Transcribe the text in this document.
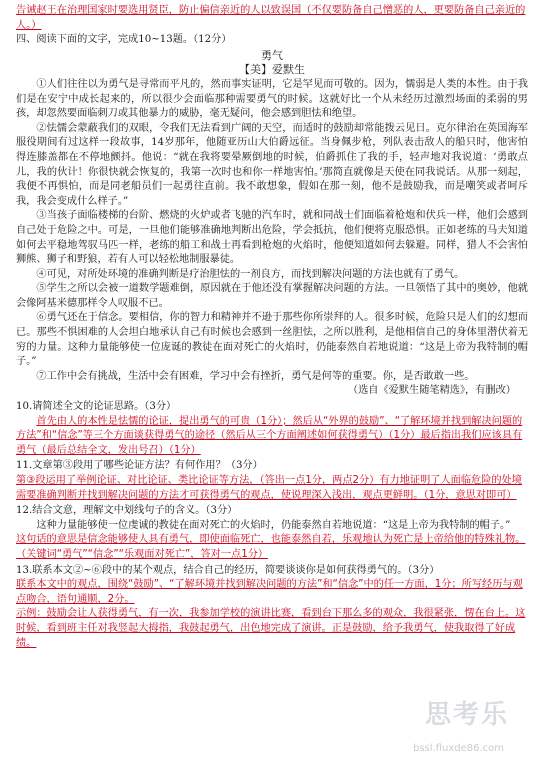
告诫赵王在治理国家时要选用贤臣，防止偏信亲近的人以致误国（不仅要防备自己憎恶的人，更要防备自己亲近的人。）

四、阅读下面的文字，完成10~13题。（12分）

勇气

【美】爱默生

①人们往往以为勇气是寻常而平凡的，然而事实证明，它是罕见而可敬的。因为，懦弱是人类的本性。由于我们是在安宁中成长起来的，所以很少会面临那种需要勇气的时候。这就好比一个从未经历过激烈场面的柔弱的男孩，却忽然要面临刺刀或其他暴力的威胁，毫无疑问，他会感到胆怯和绝望。

②怯懦会蒙蔽我们的双眼，令我们无法看到广阔的天空，而适时的鼓励却常能拨云见日。克尔律治在英国海军服役期间有过这样一段故事，14岁那年，他随亚历山大伯爵远征。当身佩步枪，列队表击敌人的船只时，他害怕得连膝盖都在不停地颤抖。他说：“就在我将要晕厥倒地的时候，伯爵抓住了我的手，轻声地对我说道：‘勇敢点儿，我的伙计！你很快就会恢复的，我第一次时也和你一样地害怕。’那简直就像是天使在同我说话。从那一刻起，我便不再惧怕，而是同老船员们一起勇往直前。我不敢想象，假如在那一刻，他不是鼓励我，而是嘲笑或者呵斥我，我会变成什么样子。”

③当孩子面临楼梯的台阶、燃烧的火炉或者飞驰的汽车时，就和同战士们面临着枪炮和伏兵一样，他们会感到自己处于危险之中。可是，一旦他们能够准确地判断出危险，学会抵抗，他们便将克服恐惧。正如老练的马夫知道如何去平稳地驾驭马匹一样，老练的船工和战士再看到枪炮的火焰时，他便知道如何去躲避。同样，猎人不会害怕狮熊、狮子和野狼，若有人可以轻松地制服暴徒。

④可见，对所处环境的准确判断是疗治胆怯的一剂良方，而找到解决问题的方法也就有了勇气。

⑤学生之所以会被一道数学题难倒，原因就在于他还没有掌握解决问题的方法。一旦领悟了其中的奥妙，他就会像阿基米德那样令人叹服不已。

⑥勇气还在于信念。要相信，你的智力和精神并不逊于那些你所崇拜的人。很多时候，危险只是人们的幻想而已。那些不惧困难的人会坦白地承认自己有时候也会感到一丝胆怯，之所以胜利，是他相信自己的身体里潜伏着无穷的力量。这种力量能够使一位庞诞的教徒在面对死亡的火焰时，仍能泰然自若地说道：“这是上帝为我特制的帽子。”

⑦工作中会有挑战，生活中会有困难，学习中会有挫折，勇气是何等的重要。你，是否敢敢一些。

（选自《爱默生随笔精选》，有删改）

10.请简述全文的论证思路。（3分）

首先由人的本性是怯懦的论证，提出勇气的可贵（1分）；然后从“外界的鼓励”、“了解环境并找到解决问题的方法”和“信念”等三个方面谈获得勇气的途径（然后从三个方面阐述如何获得勇气）（1分）最后指出我们应该具有勇气（最后总结全文，发出号召）（1分）

11.文章第③段用了哪些论证方法？有何作用？（3分）

第③段运用了举例论证、对比论证、类比论证等方法，（答出一点1分，两点2分）有力地证明了人面临危险的处境需要准确判断并找到解决问题的方法才可获得勇气的观点，使说理深入浅出，观点更鲜明。（1分，意思对即可）

12.结合文意，理解文中划线句子的含义。（3分）

这种力量能够使一位虔诚的教徒在面对死亡的火焰时，仍能泰然自若地说道：“这是上帝为我特制的帽子。”

这句话的意思是信念能够使人具有勇气，即使面临死亡，也能泰然自若，乐观地认为死亡是上帝给他的特殊礼物。（关键词“勇气”“信念”“乐观面对死亡”，答对一点1分）

13.联系本文②~⑥段中的某个观点，结合自己的经历，简要谈谈你是如何获得勇气的。（3分）

联系本文中的观点，围绕“鼓励”、“了解环境并找到解决问题的方法”和“信念”中的任一方面，1分；所写经历与观点吻合，语句通顺，2分。

示例：鼓励会让人获得勇气，有一次，我参加学校的演讲比赛，看到台下那么多的观众，我很紧张，愣在台上。这时候，看到班主任对我竖起大拇指，我鼓起勇气，出色地完成了演讲。正是鼓励，给予我勇气，使我取得了好成绩。

思考乐
bssl.fluxde86.com
